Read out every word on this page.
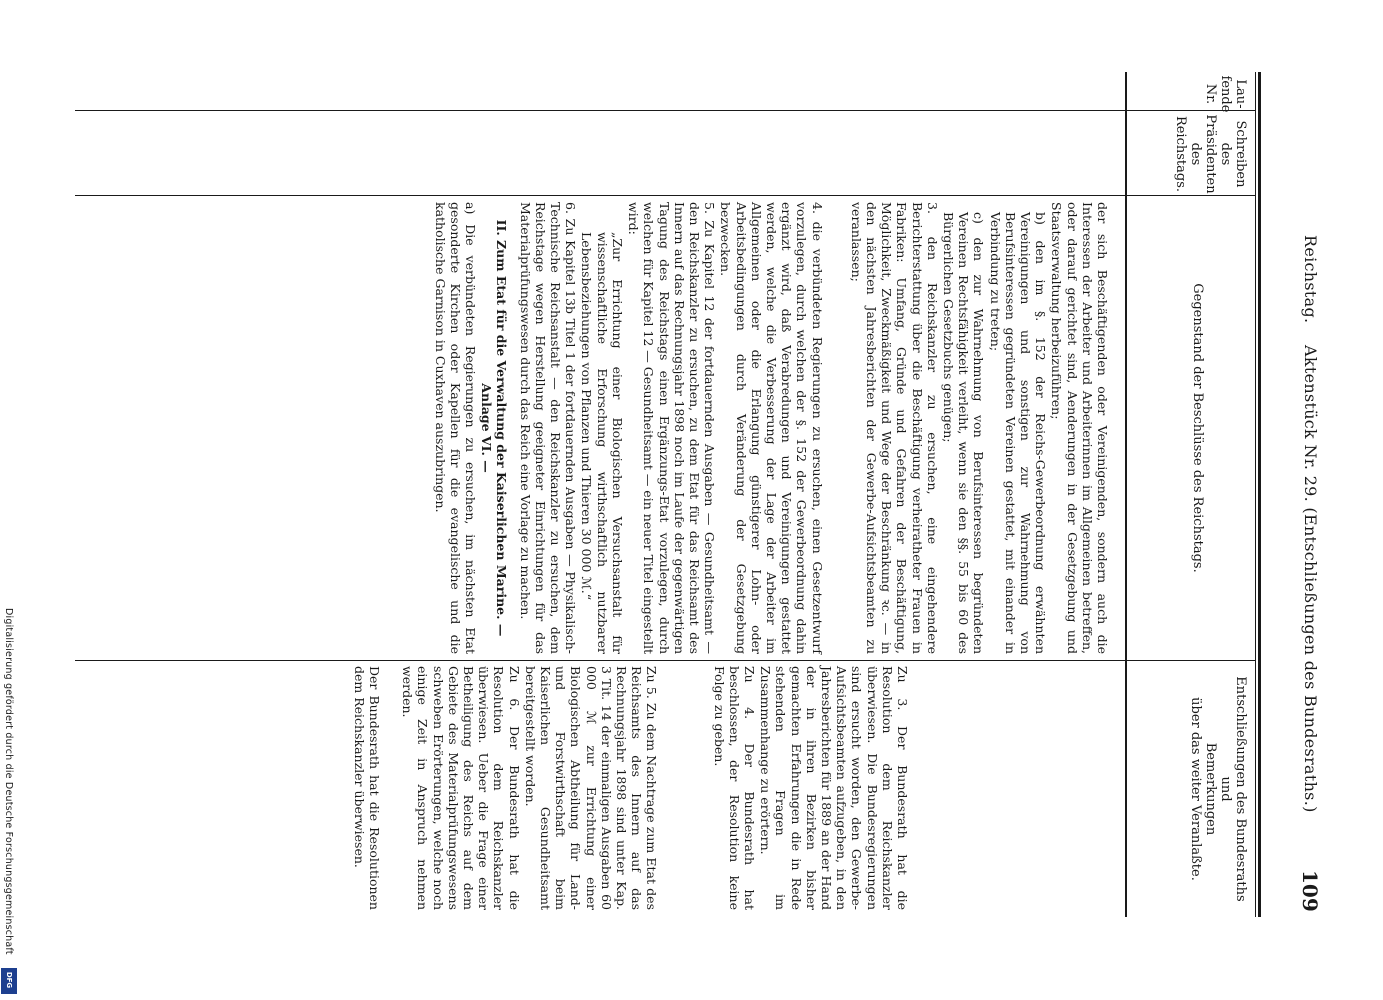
Reichstag.
Aktenstück Nr. 29. (Entschließungen des Bundesraths.)
109
Lau-
fende
Nr.
Schreiben
des
Präsidenten
des
Reichstags.
Gegenstand der Beschlüsse des Reichstags.
Entschließungen des Bundesraths
und
Bemerkungen
über das weiter Veranlaßte.

der sich Beschäftigenden oder Vereinigenden, sondern auch die Interessen der Arbeiter und Arbeiterinnen im Allgemeinen betreffen, oder darauf gerichtet sind, Aenderungen in der Gesetzgebung und Staatsverwaltung herbeizuführen;

b) den im §. 152 der Reichs-Gewerbeordnung erwähnten Vereinigungen und sonstigen zur Wahrnehmung von Berufsinteressen gegründeten Vereinen gestattet, mit einander in Verbindung zu treten;

c) den zur Wahrnehmung von Berufsinteressen begründeten Vereinen Rechtsfähigkeit verleiht, wenn sie den §§. 55 bis 60 des Bürgerlichen Gesetzbuchs genügen;

3. den Reichskanzler zu ersuchen, eine eingehendere Berichterstattung über die Beschäftigung verheiratheter Frauen in Fabriken: Umfang, Gründe und Gefahren der Beschäftigung, Möglichkeit, Zweckmäßigkeit und Wege der Beschränkung ꝛc. — in den nächsten Jahresberichten der Gewerbe-Aufsichtsbeamten zu veranlassen;

4. die verbündeten Regierungen zu ersuchen, einen Gesetzentwurf vorzulegen, durch welchen der §. 152 der Gewerbeordnung dahin ergänzt wird, daß Verabredungen und Vereinigungen gestattet werden, welche die Verbesserung der Lage der Arbeiter im Allgemeinen oder die Erlangung günstigerer Lohn- oder Arbeitsbedingungen durch Veränderung der Gesetzgebung bezwecken.

5. Zu Kapitel 12 der fortdauernden Ausgaben — Gesundheitsamt — den Reichskanzler zu ersuchen, zu dem Etat für das Reichsamt des Innern auf das Rechnungsjahr 1898 noch im Laufe der gegenwärtigen Tagung des Reichstags einen Ergänzungs-Etat vorzulegen, durch welchen für Kapitel 12 — Gesundheitsamt — ein neuer Titel eingestellt wird:

„Zur Errichtung einer Biologischen Versuchsanstalt für wissenschaftliche Erforschung wirthschaftlich nutzbarer Lebensbeziehungen von Pflanzen und Thieren 30 000 ℳ.“

6. Zu Kapitel 13b Titel 1 der fortdauernden Ausgaben — Physikalisch-Technische Reichsanstalt — den Reichskanzler zu ersuchen, dem Reichstage wegen Herstellung geeigneter Einrichtungen für das Materialprüfungswesen durch das Reich eine Vorlage zu machen.

II. Zum Etat für die Verwaltung der Kaiserlichen Marine. — Anlage VI. —

a) Die verbündeten Regierungen zu ersuchen, im nächsten Etat gesonderte Kirchen oder Kapellen für die evangelische und die katholische Garnison in Cuxhaven auszubringen.

Zu 3. Der Bundesrath hat die Resolution dem Reichskanzler überwiesen. Die Bundesregierungen sind ersucht worden, den Gewerbe-Aufsichtsbeamten aufzugeben, in den Jahresberichten für 1889 an der Hand der in ihren Bezirken bisher gemachten Erfahrungen die in Rede stehenden Fragen im Zusammenhange zu erörtern.

Zu 4. Der Bundesrath hat beschlossen, der Resolution keine Folge zu geben.

Zu 5. Zu dem Nachtrage zum Etat des Reichsamts des Innern auf das Rechnungsjahr 1898 sind unter Kap. 3 Tit. 14 der einmaligen Ausgaben 60 000 ℳ zur Errichtung einer Biologischen Abtheilung für Land- und Forstwirthschaft beim Kaiserlichen Gesundheitsamt bereitgestellt worden.

Zu 6. Der Bundesrath hat die Resolution dem Reichskanzler überwiesen. Ueber die Frage einer Betheiligung des Reichs auf dem Gebiete des Materialprüfungswesens schweben Erörterungen, welche noch einige Zeit in Anspruch nehmen werden.

Der Bundesrath hat die Resolutionen dem Reichskanzler überwiesen.

Digitalisierung gefördert durch die Deutsche Forschungsgemeinschaft
DFG
